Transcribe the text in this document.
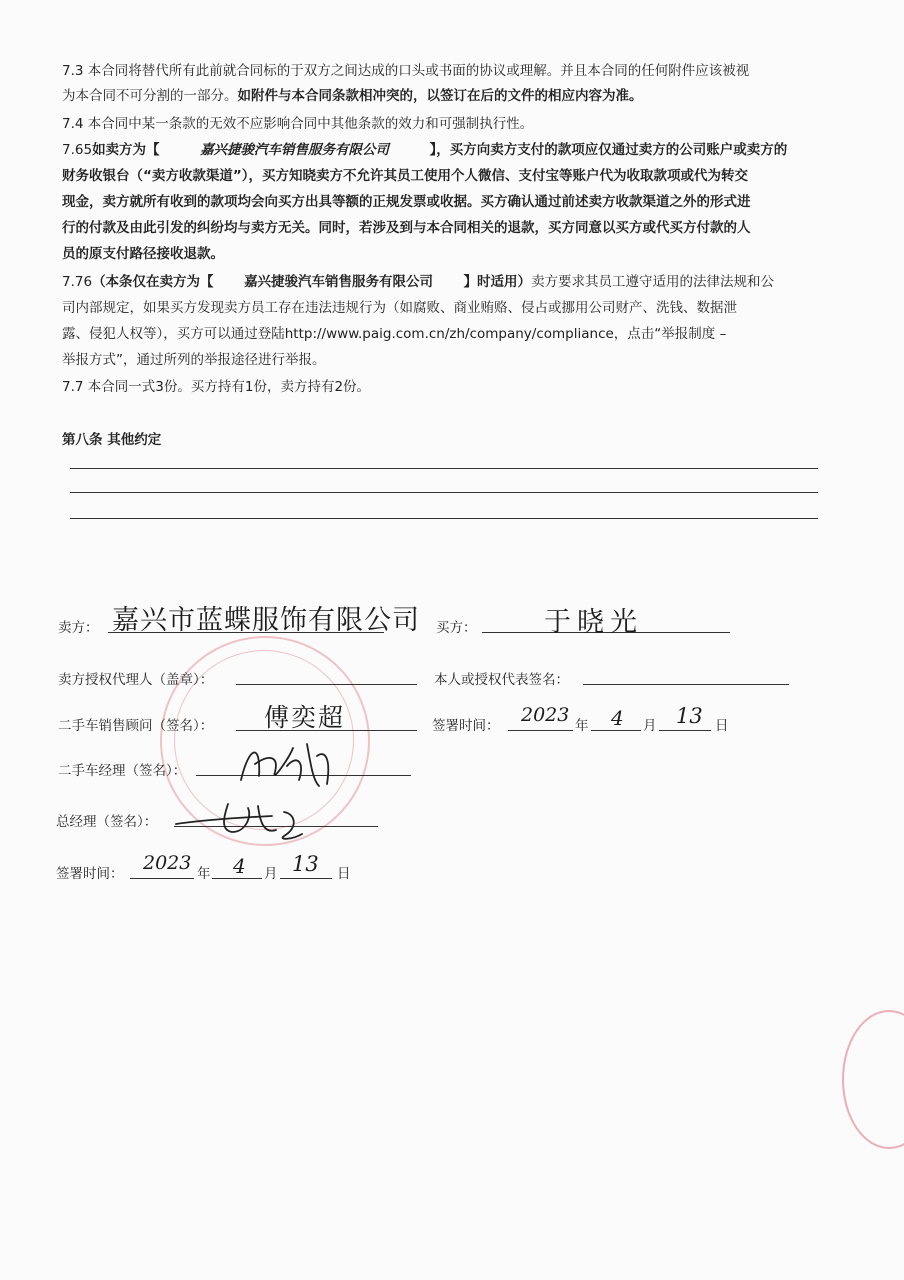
7.3 本合同将替代所有此前就合同标的于双方之间达成的口头或书面的协议或理解。并且本合同的任何附件应该被视
为本合同不可分割的一部分。如附件与本合同条款相冲突的，以签订在后的文件的相应内容为准。
7.4 本合同中某一条款的无效不应影响合同中其他条款的效力和可强制执行性。
7.65如卖方为【	嘉兴捷骏汽车销售服务有限公司	】，买方向卖方支付的款项应仅通过卖方的公司账户或卖方的
财务收银台（“卖方收款渠道”），买方知晓卖方不允许其员工使用个人微信、支付宝等账户代为收取款项或代为转交
现金，卖方就所有收到的款项均会向买方出具等额的正规发票或收据。买方确认通过前述卖方收款渠道之外的形式进
行的付款及由此引发的纠纷均与卖方无关。同时，若涉及到与本合同相关的退款，买方同意以买方或代买方付款的人
员的原支付路径接收退款。
7.76（本条仅在卖方为【 嘉兴捷骏汽车销售服务有限公司 】时适用）卖方要求其员工遵守适用的法律法规和公
司内部规定，如果买方发现卖方员工存在违法违规行为（如腐败、商业贿赂、侵占或挪用公司财产、洗钱、数据泄
露、侵犯人权等），买方可以通过登陆http://www.paig.com.cn/zh/company/compliance，点击“举报制度 –
举报方式”，通过所列的举报途径进行举报。
7.7 本合同一式3份。买方持有1份，卖方持有2份。
第八条 其他约定
卖方： 嘉兴市蓝蝶服饰有限公司 买方：	于晓光
卖方授权代理人（盖章）：	本人或授权代表签名：
二手车销售顾问（签名）： 傅奕超	签署时间： 2023 年 4 月 13 日
二手车经理（签名）：
总经理（签名）：
签署时间： 2023 年 4 月 13 日
